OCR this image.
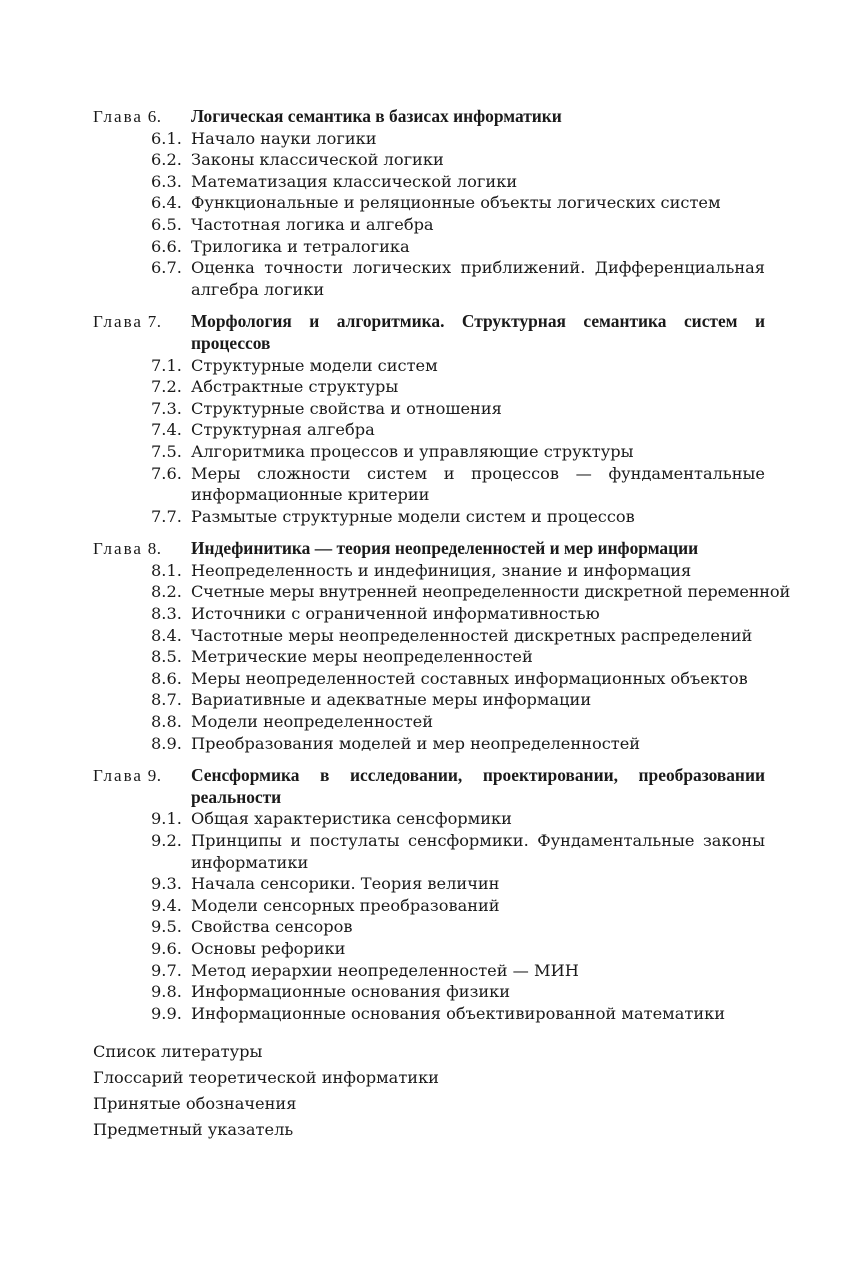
Глава 6.	Логическая семантика в базисах информатики
6.1. Начало науки логики
6.2. Законы классической логики
6.3. Математизация классической логики
6.4. Функциональные и реляционные объекты логических систем
6.5. Частотная логика и алгебра
6.6. Трилогика и тетралогика
6.7. Оценка точности логических приближений. Дифференциальная алгебра логики
Глава 7.	Морфология и алгоритмика. Структурная семантика систем и процессов
7.1. Структурные модели систем
7.2. Абстрактные структуры
7.3. Структурные свойства и отношения
7.4. Структурная алгебра
7.5. Алгоритмика процессов и управляющие структуры
7.6. Меры сложности систем и процессов — фундаментальные информационные критерии
7.7. Размытые структурные модели систем и процессов
Глава 8.	Индефинитика — теория неопределенностей и мер информации
8.1. Неопределенность и индефиниция, знание и информация
8.2. Счетные меры внутренней неопределенности дискретной переменной
8.3. Источники с ограниченной информативностью
8.4. Частотные меры неопределенностей дискретных распределений
8.5. Метрические меры неопределенностей
8.6. Меры неопределенностей составных информационных объектов
8.7. Вариативные и адекватные меры информации
8.8. Модели неопределенностей
8.9. Преобразования моделей и мер неопределенностей
Глава 9.	Сенсформика в исследовании, проектировании, преобразовании реальности
9.1. Общая характеристика сенсформики
9.2. Принципы и постулаты сенсформики. Фундаментальные законы информатики
9.3. Начала сенсорики. Теория величин
9.4. Модели сенсорных преобразований
9.5. Свойства сенсоров
9.6. Основы рефорики
9.7. Метод иерархии неопределенностей — МИН
9.8. Информационные основания физики
9.9. Информационные основания объективированной математики
Список литературы
Глоссарий теоретической информатики
Принятые обозначения
Предметный указатель
